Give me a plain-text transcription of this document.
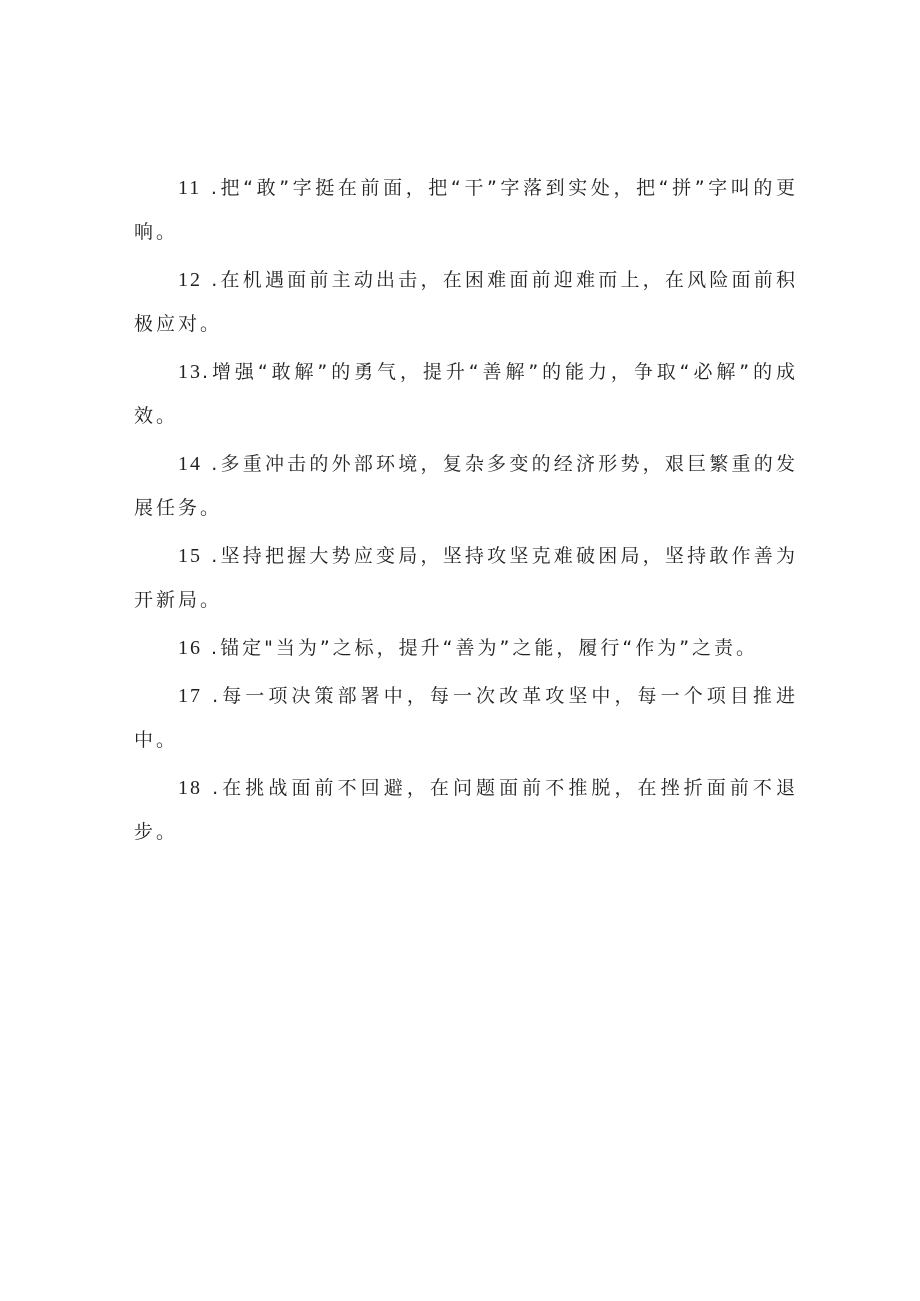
11 .把“敢”字挺在前面，把“干”字落到实处，把“拼”字叫的更响。

12 .在机遇面前主动出击，在困难面前迎难而上，在风险面前积极应对。

13.增强“敢解”的勇气，提升“善解”的能力，争取“必解”的成效。

14 .多重冲击的外部环境，复杂多变的经济形势，艰巨繁重的发展任务。

15 .坚持把握大势应变局，坚持攻坚克难破困局，坚持敢作善为开新局。

16 .锚定"当为”之标，提升“善为”之能，履行“作为”之责。

17 .每一项决策部署中，每一次改革攻坚中，每一个项目推进中。

18 .在挑战面前不回避，在问题面前不推脱，在挫折面前不退步。
